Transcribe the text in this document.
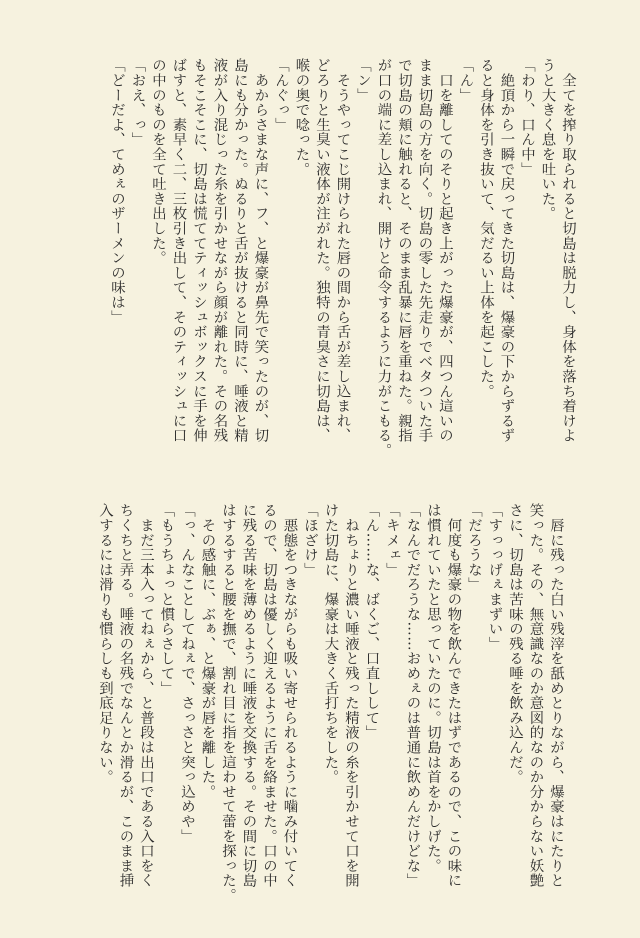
　全てを搾り取られると切島は脱力し、身体を落ち着けよ
うと大きく息を吐いた。
「わり、口ん中」
　絶頂から一瞬で戻ってきた切島は、爆豪の下からずるず
ると身体を引き抜いて、気だるい上体を起こした。
「ん」
　口を離してのそりと起き上がった爆豪が、四つん這いの
まま切島の方を向く。切島の零した先走りでベタついた手
で切島の頬に触れると、そのまま乱暴に唇を重ねた。親指
が口の端に差し込まれ、開けと命令するように力がこもる。
「ン」
　そうやってこじ開けられた唇の間から舌が差し込まれ、
どろりと生臭い液体が注がれた。独特の青臭さに切島は、
喉の奥で唸った。
「んぐっ」
　あからさまな声に、フ、と爆豪が鼻先で笑ったのが、切
島にも分かった。ぬるりと舌が抜けると同時に、唾液と精
液が入り混じった糸を引かせながら顔が離れた。その名残
もそこそこに、切島は慌ててティッシュボックスに手を伸
ばすと、素早く二、三枚引き出して、そのティッシュに口
の中のものを全て吐き出した。
「おえ、っ」
「どーだよ、てめぇのザーメンの味は」
　唇に残った白い残滓を舐めとりながら、爆豪はにたりと
笑った。その、無意識なのか意図的なのか分からない妖艶
さに、切島は苦味の残る唾を飲み込んだ。
「すっっげぇまずい」
「だろうな」
　何度も爆豪の物を飲んできたはずであるので、この味に
は慣れていたと思っていたのに。切島は首をかしげた。
「なんでだろうな……おめぇのは普通に飲めんだけどな」
「キメェ」
「ん……な、ばくご、口直しして」
　ねちょりと濃い唾液と残った精液の糸を引かせて口を開
けた切島に、爆豪は大きく舌打ちをした。
「ほざけ」
　悪態をつきながらも吸い寄せられるように噛み付いてく
るので、切島は優しく迎えるように舌を絡ませた。口の中
に残る苦味を薄めるように唾液を交換する。その間に切島
はするすると腰を撫で、割れ目に指を這わせて蕾を探った。
　その感触に、ぶぁ、と爆豪が唇を離した。
「っ、んなことしてねぇで、さっさと突っ込めや」
「もうちょっと慣らさして」
　まだ三本入ってねぇから、と普段は出口である入口をく
ちくちと弄る。唾液の名残でなんとか滑るが、このまま挿
入するには滑りも慣らしも到底足りない。
